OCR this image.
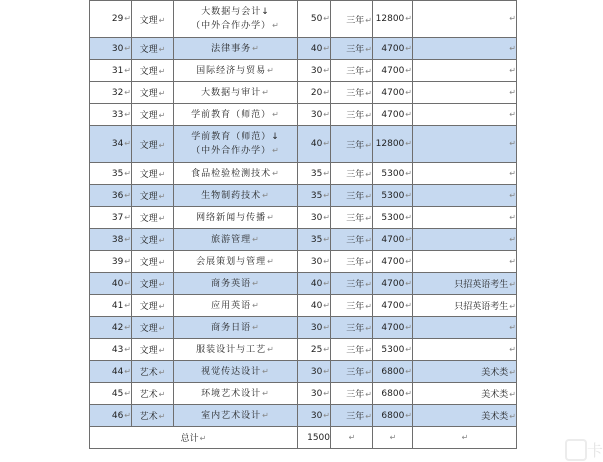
29↵	文理↵	大数据与会计↓
（中外合作办学）↵	50↵	三年↵	12800↵	↵
30↵	文理↵	法律事务↵	40↵	三年↵	4700↵	↵
31↵	文理↵	国际经济与贸易↵	30↵	三年↵	4700↵	↵
32↵	文理↵	大数据与审计↵	20↵	三年↵	4700↵	↵
33↵	文理↵	学前教育（师范）↵	30↵	三年↵	4700↵	↵
34↵	文理↵	学前教育（师范）↓
（中外合作办学）↵	40↵	三年↵	12800↵	↵
35↵	文理↵	食品检验检测技术↵	35↵	三年↵	5300↵	↵
36↵	文理↵	生物制药技术↵	35↵	三年↵	5300↵	↵
37↵	文理↵	网络新闻与传播↵	30↵	三年↵	5300↵	↵
38↵	文理↵	旅游管理↵	35↵	三年↵	4700↵	↵
39↵	文理↵	会展策划与管理↵	30↵	三年↵	4700↵	↵
40↵	文理↵	商务英语↵	40↵	三年↵	4700↵	只招英语考生↵
41↵	文理↵	应用英语↵	40↵	三年↵	4700↵	只招英语考生↵
42↵	文理↵	商务日语↵	30↵	三年↵	4700↵	↵
43↵	文理↵	服装设计与工艺↵	25↵	三年↵	5300↵	↵
44↵	艺术↵	视觉传达设计↵	30↵	三年↵	6800↵	美术类↵
45↵	艺术↵	环境艺术设计↵	30↵	三年↵	6800↵	美术类↵
46↵	艺术↵	室内艺术设计↵	30↵	三年↵	6800↵	美术类↵
总计↵			1500	↵	↵	↵
卡
